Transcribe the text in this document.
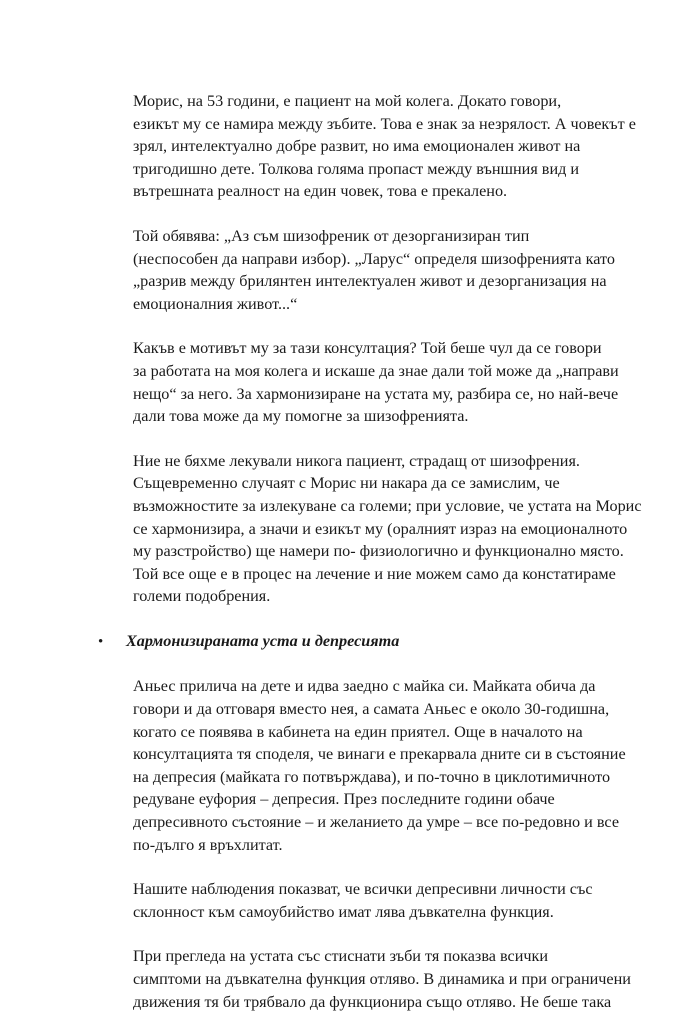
Морис, на 53 години, е пациент на мой колега. Докато говори,
езикът му се намира между зъбите. Това е знак за незрялост. А човекът е
зрял, интелектуално добре развит, но има емоционален живот на
тригодишно дете. Толкова голяма пропаст между външния вид и
вътрешната реалност на един човек, това е прекалено.

Той обявява: „Аз съм шизофреник от дезорганизиран тип
(неспособен да направи избор). „Ларус“ определя шизофренията като
„разрив между брилянтен интелектуален живот и дезорганизация на
емоционалния живот...“

Какъв е мотивът му за тази консултация? Той беше чул да се говори
за работата на моя колега и искаше да знае дали той може да „направи
нещо“ за него. За хармонизиране на устата му, разбира се, но най-вече
дали това може да му помогне за шизофренията.

Ние не бяхме лекували никога пациент, страдащ от шизофрения.
Същевременно случаят с Морис ни накара да се замислим, че
възможностите за излекуване са големи; при условие, че устата на Морис
се хармонизира, а значи и езикът му (оралният израз на емоционалното
му разстройство) ще намери по- физиологично и функционално място.
Той все още е в процес на лечение и ние можем само да констатираме
големи подобрения.

•	Хармонизираната уста и депресията

Аньес прилича на дете и идва заедно с майка си. Майката обича да
говори и да отговаря вместо нея, а самата Аньес е около 30-годишна,
когато се появява в кабинета на един приятел. Още в началото на
консултацията тя споделя, че винаги е прекарвала дните си в състояние
на депресия (майката го потвърждава), и по-точно в циклотимичното
редуване еуфория – депресия. През последните години обаче
депресивното състояние – и желанието да умре – все по-редовно и все
по-дълго я връхлитат.

Нашите наблюдения показват, че всички депресивни личности със
склонност към самоубийство имат лява дъвкателна функция.

При прегледа на устата със стиснати зъби тя показва всички
симптоми на дъвкателна функция отляво. В динамика и при ограничени
движения тя би трябвало да функционира също отляво. Не беше така
